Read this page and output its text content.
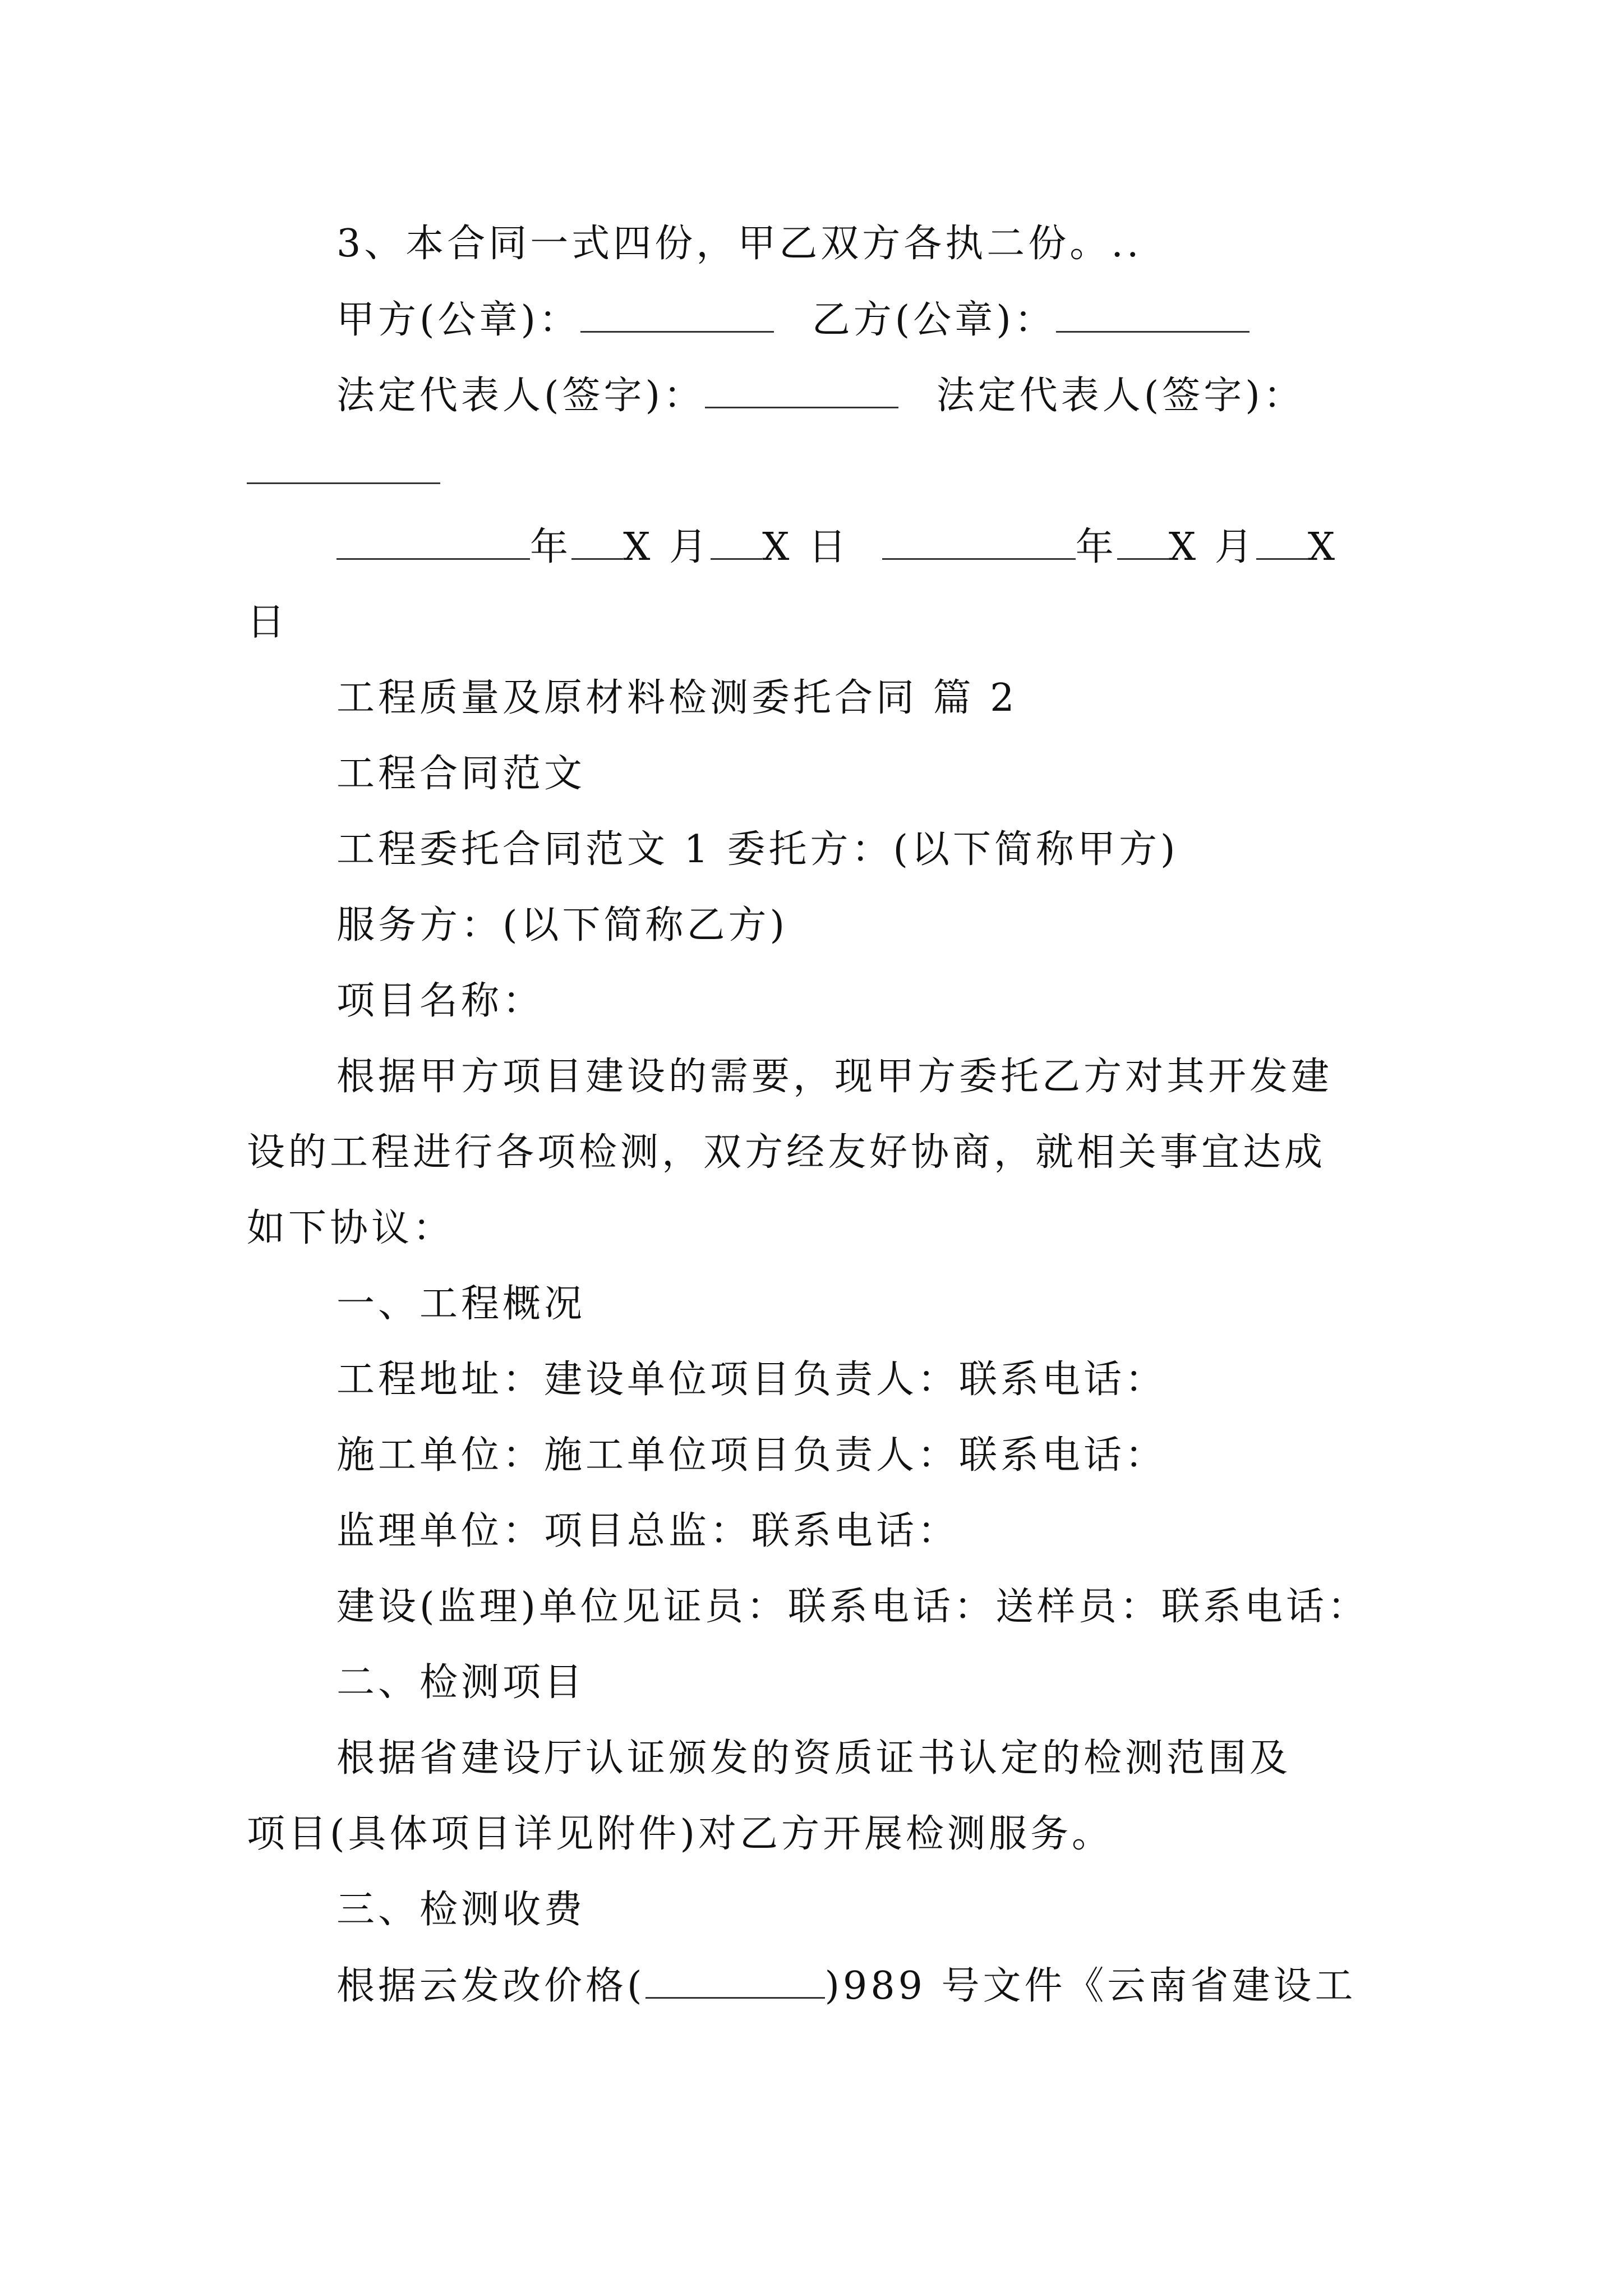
3、本合同一式四份，甲乙双方各执二份。..
甲方(公章)：	乙方(公章)：
法定代表人(签字)：	法定代表人(签字)：
年 X 月 X 日	年 X 月 X
日
工程质量及原材料检测委托合同 篇 2
工程合同范文
工程委托合同范文 1 委托方：(以下简称甲方)
服务方：(以下简称乙方)
项目名称：
根据甲方项目建设的需要，现甲方委托乙方对其开发建
设的工程进行各项检测，双方经友好协商，就相关事宜达成
如下协议：
一、工程概况
工程地址：建设单位项目负责人：联系电话：
施工单位：施工单位项目负责人：联系电话：
监理单位：项目总监：联系电话：
建设(监理)单位见证员：联系电话：送样员：联系电话：
二、检测项目
根据省建设厅认证颁发的资质证书认定的检测范围及
项目(具体项目详见附件)对乙方开展检测服务。
三、检测收费
根据云发改价格(	)989 号文件《云南省建设工
